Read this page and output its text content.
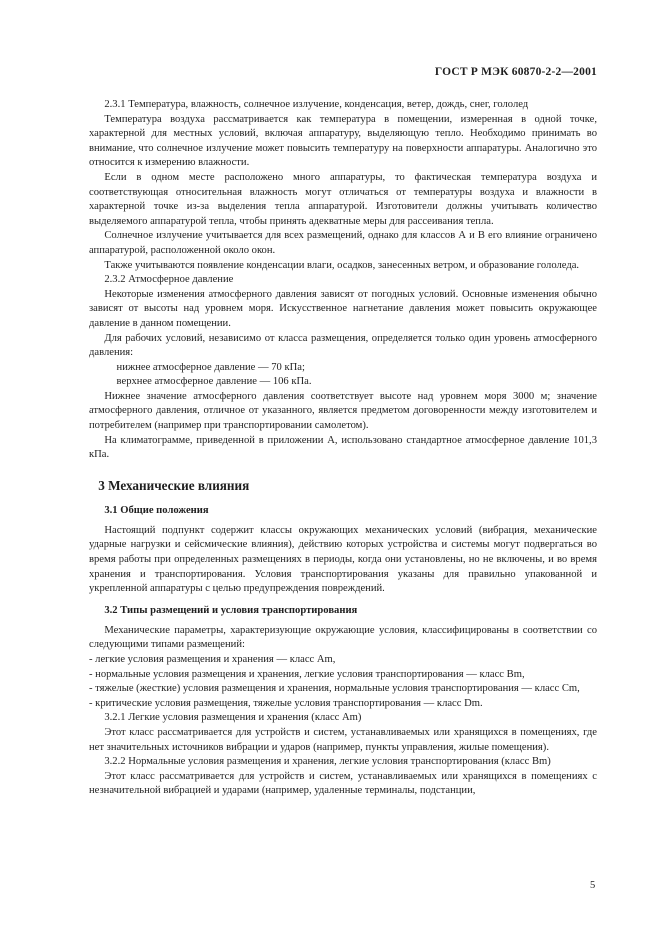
ГОСТ Р МЭК 60870-2-2—2001

2.3.1 Температура, влажность, солнечное излучение, конденсация, ветер, дождь, снег, гололед

Температура воздуха рассматривается как температура в помещении, измеренная в одной точке, характерной для местных условий, включая аппаратуру, выделяющую тепло. Необходимо принимать во внимание, что солнечное излучение может повысить температуру на поверхности аппаратуры. Аналогично это относится к измерению влажности.

Если в одном месте расположено много аппаратуры, то фактическая температура воздуха и соответствующая относительная влажность могут отличаться от температуры воздуха и влажности в характерной точке из-за выделения тепла аппаратурой. Изготовители должны учитывать количество выделяемого аппаратурой тепла, чтобы принять адекватные меры для рассеивания тепла.

Солнечное излучение учитывается для всех размещений, однако для классов А и В его влияние ограничено аппаратурой, расположенной около окон.

Также учитываются появление конденсации влаги, осадков, занесенных ветром, и образование гололеда.

2.3.2 Атмосферное давление

Некоторые изменения атмосферного давления зависят от погодных условий. Основные изменения обычно зависят от высоты над уровнем моря. Искусственное нагнетание давления может повысить окружающее давление в данном помещении.

Для рабочих условий, независимо от класса размещения, определяется только один уровень атмосферного давления:

нижнее атмосферное давление — 70 кПа;

верхнее атмосферное давление — 106 кПа.

Нижнее значение атмосферного давления соответствует высоте над уровнем моря 3000 м; значение атмосферного давления, отличное от указанного, является предметом договоренности между изготовителем и потребителем (например при транспортировании самолетом).

На климатограмме, приведенной в приложении А, использовано стандартное атмосферное давление 101,3 кПа.

3 Механические влияния
3.1 Общие положения

Настоящий подпункт содержит классы окружающих механических условий (вибрация, механические ударные нагрузки и сейсмические влияния), действию которых устройства и системы могут подвергаться во время работы при определенных размещениях в периоды, когда они установлены, но не включены, и во время хранения и транспортирования. Условия транспортирования указаны для правильно упакованной и укрепленной аппаратуры с целью предупреждения повреждений.

3.2 Типы размещений и условия транспортирования

Механические параметры, характеризующие окружающие условия, классифицированы в соответствии со следующими типами размещений:

- легкие условия размещения и хранения — класс Am,

- нормальные условия размещения и хранения, легкие условия транспортирования — класс Bm,

- тяжелые (жесткие) условия размещения и хранения, нормальные условия транспортирования — класс Cm,

- критические условия размещения, тяжелые условия транспортирования — класс Dm.

3.2.1 Легкие условия размещения и хранения (класс Am)

Этот класс рассматривается для устройств и систем, устанавливаемых или хранящихся в помещениях, где нет значительных источников вибрации и ударов (например, пункты управления, жилые помещения).

3.2.2 Нормальные условия размещения и хранения, легкие условия транспортирования (класс Bm)

Этот класс рассматривается для устройств и систем, устанавливаемых или хранящихся в помещениях с незначительной вибрацией и ударами (например, удаленные терминалы, подстанции,

5
